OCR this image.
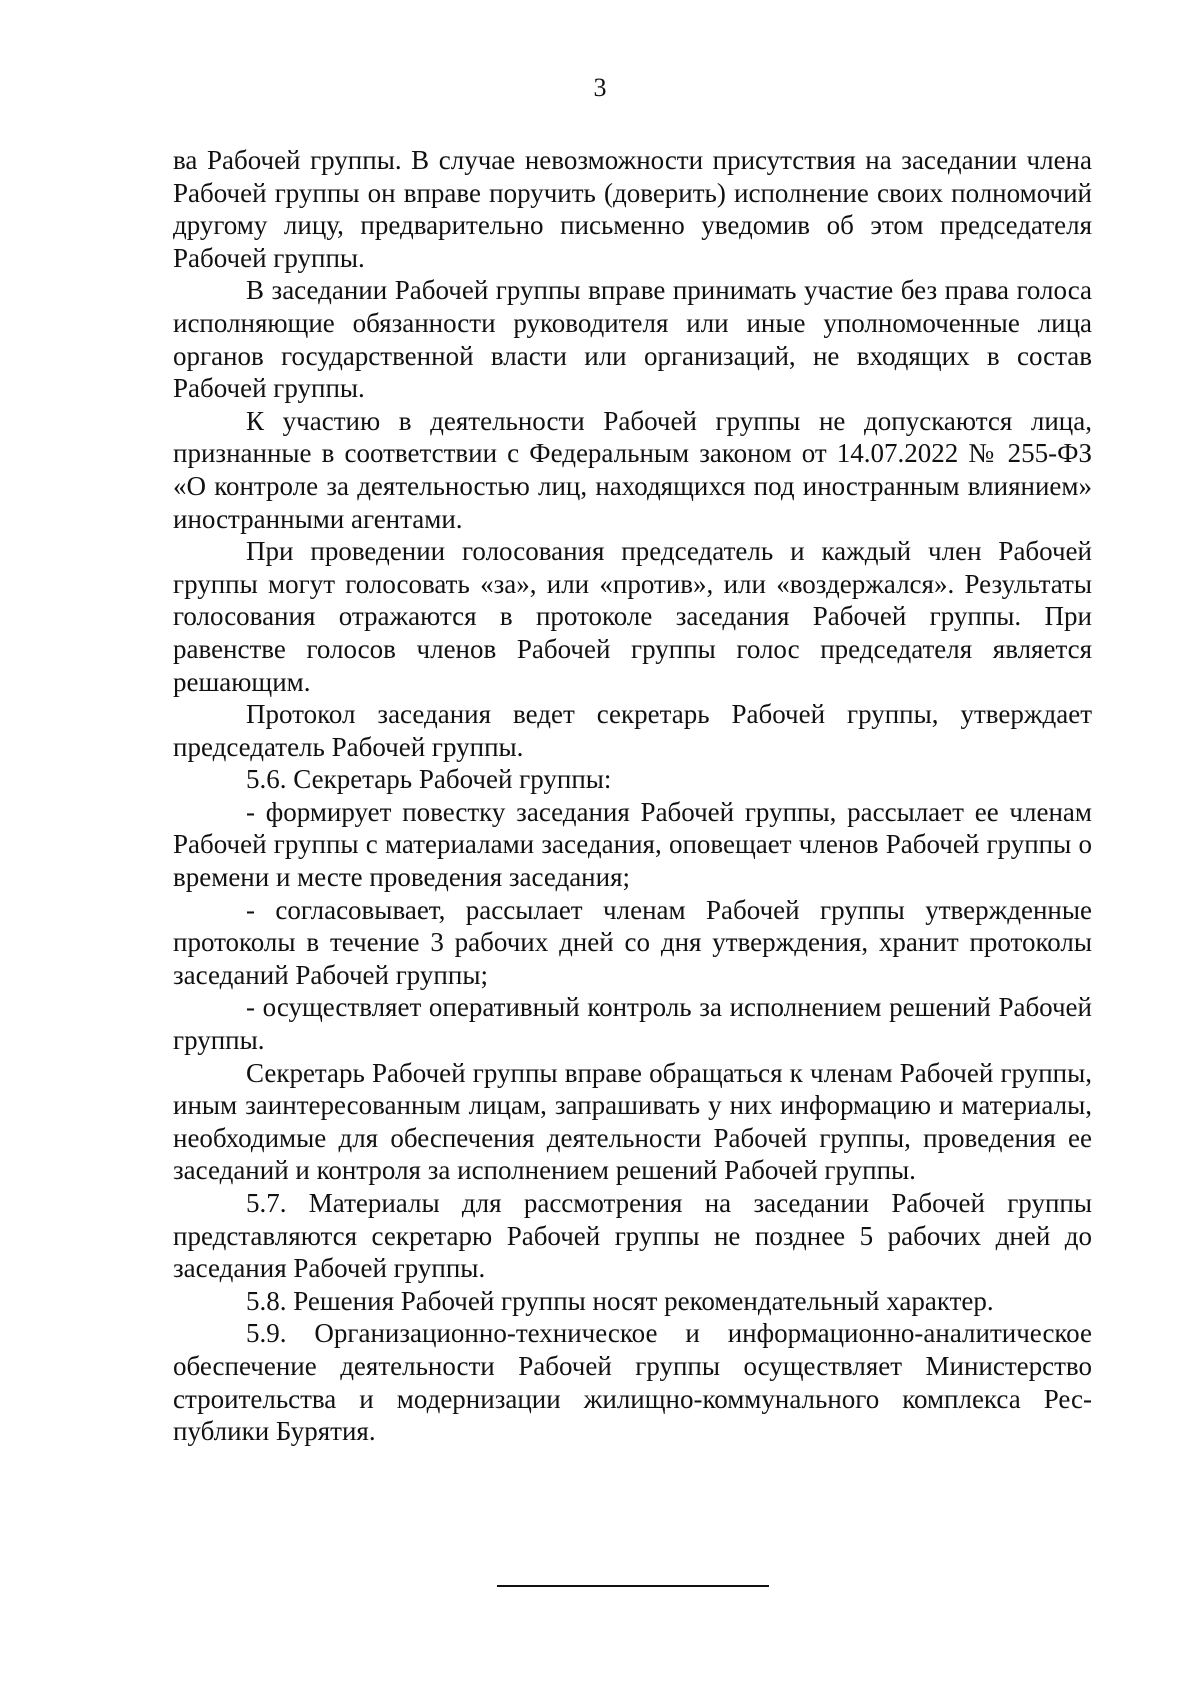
3

ва Рабочей группы. В случае невозможности присутствия на заседании члена Рабочей группы он вправе поручить (доверить) исполнение своих полномочий другому лицу, предварительно письменно уведомив об этом председателя Рабочей группы.

В заседании Рабочей группы вправе принимать участие без права голоса исполняющие обязанности руководителя или иные уполномоченные лица органов государственной власти или организаций, не входящих в состав Рабочей группы.

К участию в деятельности Рабочей группы не допускаются лица, признанные в соответствии с Федеральным законом от 14.07.2022 № 255-ФЗ «О контроле за деятельностью лиц, находящихся под иностранным влиянием» иностранными агентами.

При проведении голосования председатель и каждый член Рабочей группы могут голосовать «за», или «против», или «воздержался». Результаты голосования отражаются в протоколе заседания Рабочей группы. При равенстве голосов членов Рабочей группы голос председателя является решающим.

Протокол заседания ведет секретарь Рабочей группы, утверждает председатель Рабочей группы.

5.6. Секретарь Рабочей группы:

- формирует повестку заседания Рабочей группы, рассылает ее членам Рабочей группы с материалами заседания, оповещает членов Рабочей группы о времени и месте проведения заседания;

- согласовывает, рассылает членам Рабочей группы утвержденные протоколы в течение 3 рабочих дней со дня утверждения, хранит протоколы заседаний Рабочей группы;

- осуществляет оперативный контроль за исполнением решений Рабочей группы.

Секретарь Рабочей группы вправе обращаться к членам Рабочей группы, иным заинтересованным лицам, запрашивать у них информацию и материалы, необходимые для обеспечения деятельности Рабочей группы, проведения ее заседаний и контроля за исполнением решений Рабочей группы.

5.7. Материалы для рассмотрения на заседании Рабочей группы представляются секретарю Рабочей группы не позднее 5 рабочих дней до заседания Рабочей группы.

5.8. Решения Рабочей группы носят рекомендательный характер.

5.9. Организационно-техническое и информационно-аналитическое обеспечение деятельности Рабочей группы осуществляет Министерство строительства и модернизации жилищно-коммунального комплекса Республики Бурятия.
